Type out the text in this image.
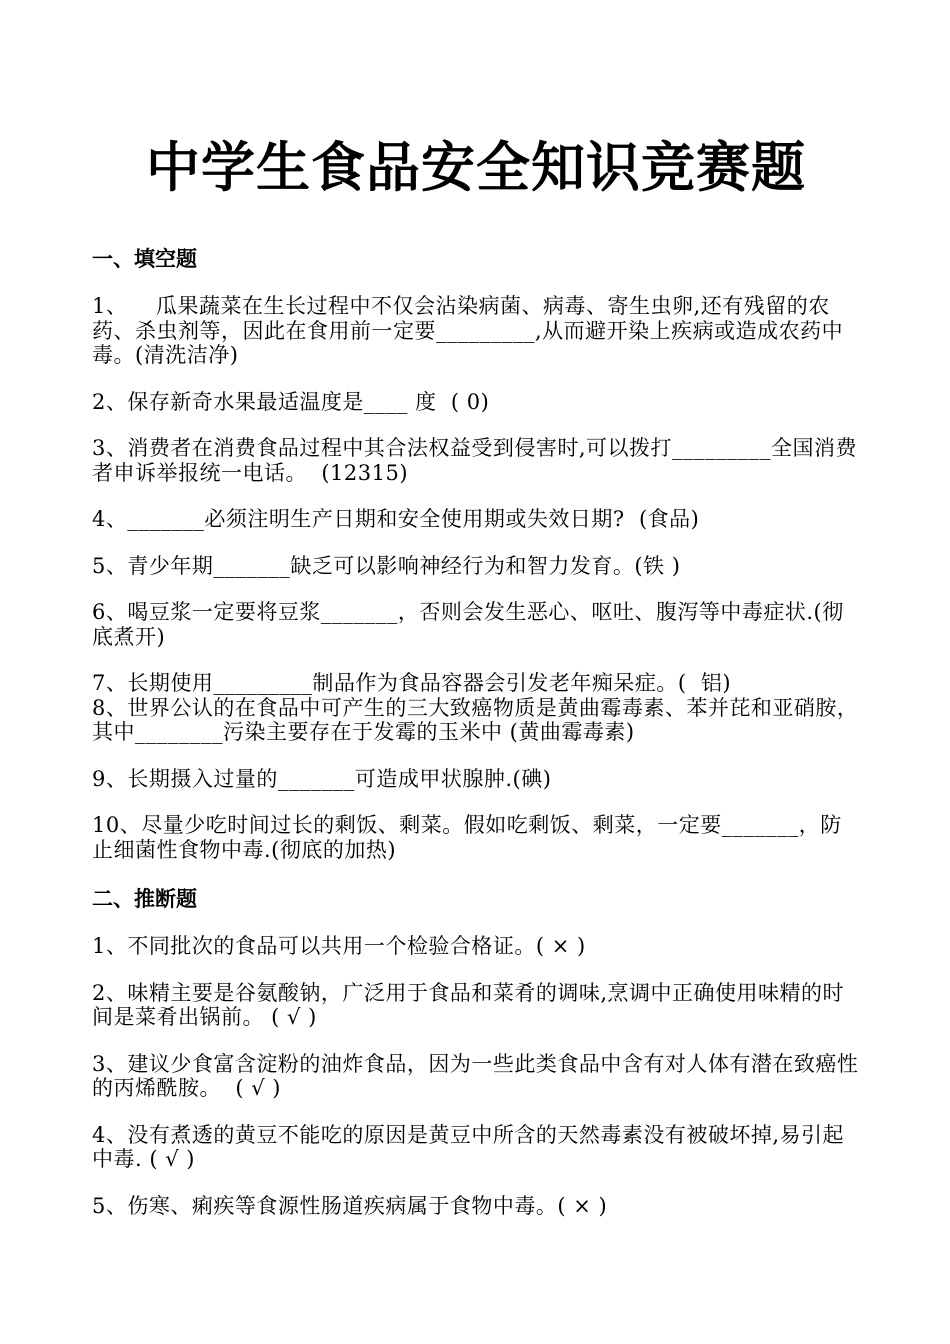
中学生食品安全知识竞赛题
一、填空题

1、    瓜果蔬菜在生长过程中不仅会沾染病菌、病毒、寄生虫卵,还有残留的农药、杀虫剂等，因此在食用前一定要_________,从而避开染上疾病或造成农药中毒。(清洗洁净)

2、保存新奇水果最适温度是____ 度  ( 0)

3、消费者在消费食品过程中其合法权益受到侵害时,可以拨打_________全国消费者申诉举报统一电话。  (12315)

4、_______必须注明生产日期和安全使用期或失效日期?  (食品)

5、青少年期_______缺乏可以影响神经行为和智力发育。(铁 )

6、喝豆浆一定要将豆浆_______，否则会发生恶心、呕吐、腹泻等中毒症状.(彻底煮开)

7、长期使用_________制品作为食品容器会引发老年痴呆症。(  铝)

8、世界公认的在食品中可产生的三大致癌物质是黄曲霉毒素、苯并芘和亚硝胺，其中________污染主要存在于发霉的玉米中 (黄曲霉毒素)

9、长期摄入过量的_______可造成甲状腺肿.(碘)

10、尽量少吃时间过长的剩饭、剩菜。假如吃剩饭、剩菜，一定要_______，防止细菌性食物中毒.(彻底的加热)

二、推断题

1、不同批次的食品可以共用一个检验合格证。( × )

2、味精主要是谷氨酸钠，广泛用于食品和菜肴的调味,烹调中正确使用味精的时间是菜肴出锅前。 ( √ )

3、建议少食富含淀粉的油炸食品，因为一些此类食品中含有对人体有潜在致癌性的丙烯酰胺。  ( √ )

4、没有煮透的黄豆不能吃的原因是黄豆中所含的天然毒素没有被破坏掉,易引起中毒. ( √ )

5、伤寒、痢疾等食源性肠道疾病属于食物中毒。( × )
